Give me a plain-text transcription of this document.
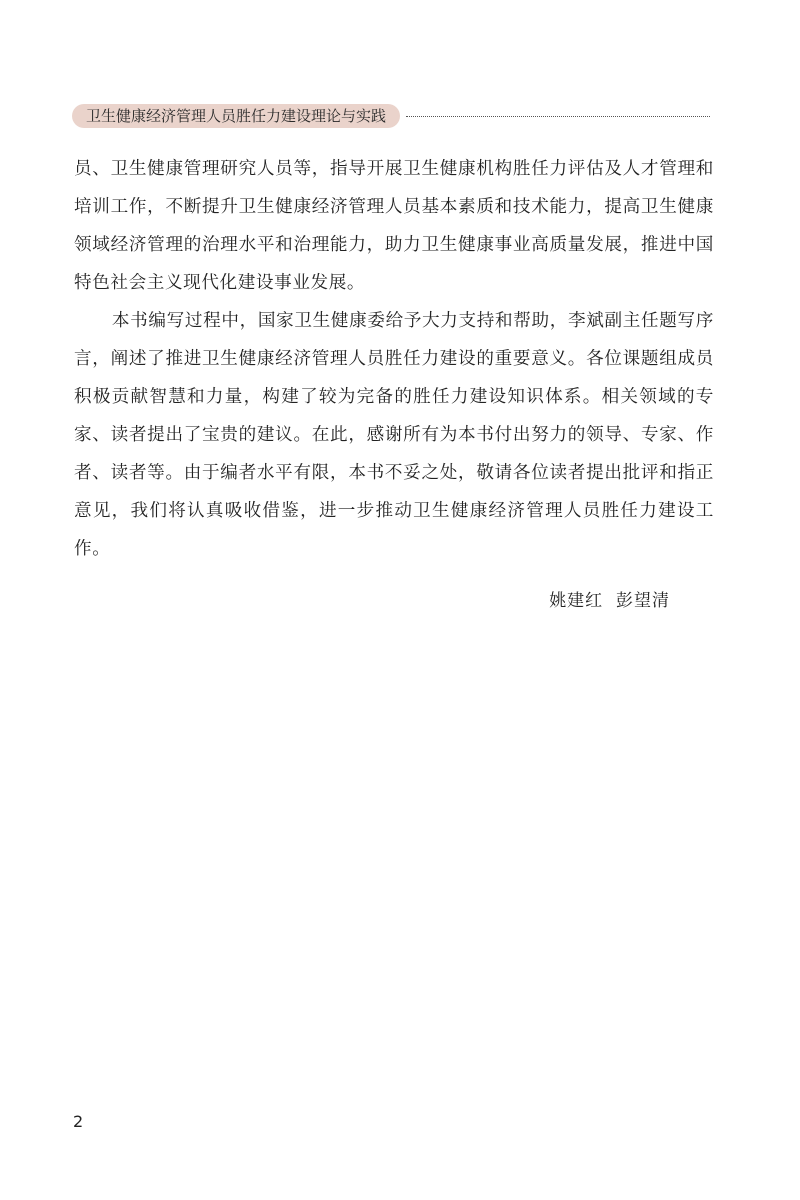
卫生健康经济管理人员胜任力建设理论与实践

员、卫生健康管理研究人员等，指导开展卫生健康机构胜任力评估及人才管理和培训工作，不断提升卫生健康经济管理人员基本素质和技术能力，提高卫生健康领域经济管理的治理水平和治理能力，助力卫生健康事业高质量发展，推进中国特色社会主义现代化建设事业发展。

本书编写过程中，国家卫生健康委给予大力支持和帮助，李斌副主任题写序言，阐述了推进卫生健康经济管理人员胜任力建设的重要意义。各位课题组成员积极贡献智慧和力量，构建了较为完备的胜任力建设知识体系。相关领域的专家、读者提出了宝贵的建议。在此，感谢所有为本书付出努力的领导、专家、作者、读者等。由于编者水平有限，本书不妥之处，敬请各位读者提出批评和指正意见，我们将认真吸收借鉴，进一步推动卫生健康经济管理人员胜任力建设工作。

姚建红  彭望清
2
